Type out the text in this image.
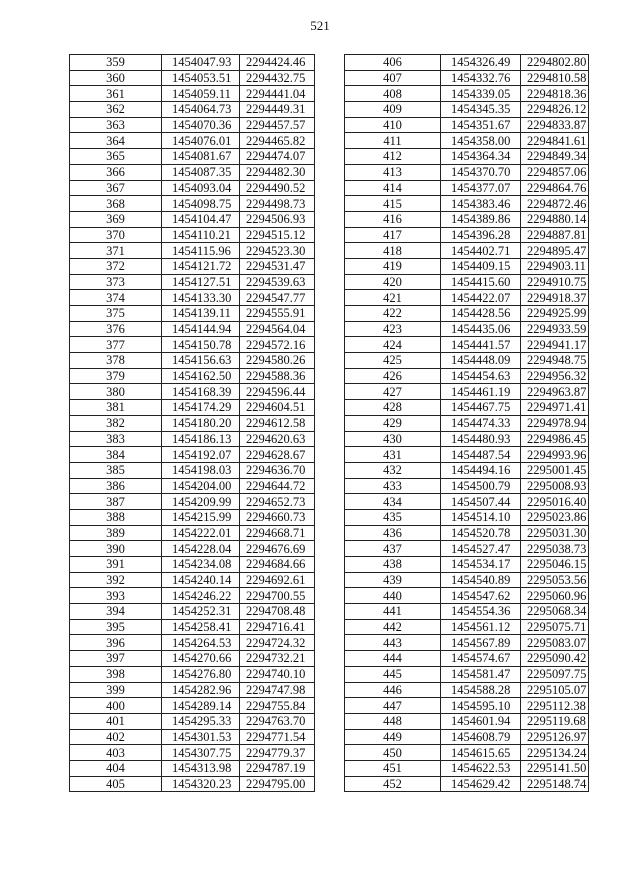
521
359	1454047.93	2294424.46
360	1454053.51	2294432.75
361	1454059.11	2294441.04
362	1454064.73	2294449.31
363	1454070.36	2294457.57
364	1454076.01	2294465.82
365	1454081.67	2294474.07
366	1454087.35	2294482.30
367	1454093.04	2294490.52
368	1454098.75	2294498.73
369	1454104.47	2294506.93
370	1454110.21	2294515.12
371	1454115.96	2294523.30
372	1454121.72	2294531.47
373	1454127.51	2294539.63
374	1454133.30	2294547.77
375	1454139.11	2294555.91
376	1454144.94	2294564.04
377	1454150.78	2294572.16
378	1454156.63	2294580.26
379	1454162.50	2294588.36
380	1454168.39	2294596.44
381	1454174.29	2294604.51
382	1454180.20	2294612.58
383	1454186.13	2294620.63
384	1454192.07	2294628.67
385	1454198.03	2294636.70
386	1454204.00	2294644.72
387	1454209.99	2294652.73
388	1454215.99	2294660.73
389	1454222.01	2294668.71
390	1454228.04	2294676.69
391	1454234.08	2294684.66
392	1454240.14	2294692.61
393	1454246.22	2294700.55
394	1454252.31	2294708.48
395	1454258.41	2294716.41
396	1454264.53	2294724.32
397	1454270.66	2294732.21
398	1454276.80	2294740.10
399	1454282.96	2294747.98
400	1454289.14	2294755.84
401	1454295.33	2294763.70
402	1454301.53	2294771.54
403	1454307.75	2294779.37
404	1454313.98	2294787.19
405	1454320.23	2294795.00
406	1454326.49	2294802.80
407	1454332.76	2294810.58
408	1454339.05	2294818.36
409	1454345.35	2294826.12
410	1454351.67	2294833.87
411	1454358.00	2294841.61
412	1454364.34	2294849.34
413	1454370.70	2294857.06
414	1454377.07	2294864.76
415	1454383.46	2294872.46
416	1454389.86	2294880.14
417	1454396.28	2294887.81
418	1454402.71	2294895.47
419	1454409.15	2294903.11
420	1454415.60	2294910.75
421	1454422.07	2294918.37
422	1454428.56	2294925.99
423	1454435.06	2294933.59
424	1454441.57	2294941.17
425	1454448.09	2294948.75
426	1454454.63	2294956.32
427	1454461.19	2294963.87
428	1454467.75	2294971.41
429	1454474.33	2294978.94
430	1454480.93	2294986.45
431	1454487.54	2294993.96
432	1454494.16	2295001.45
433	1454500.79	2295008.93
434	1454507.44	2295016.40
435	1454514.10	2295023.86
436	1454520.78	2295031.30
437	1454527.47	2295038.73
438	1454534.17	2295046.15
439	1454540.89	2295053.56
440	1454547.62	2295060.96
441	1454554.36	2295068.34
442	1454561.12	2295075.71
443	1454567.89	2295083.07
444	1454574.67	2295090.42
445	1454581.47	2295097.75
446	1454588.28	2295105.07
447	1454595.10	2295112.38
448	1454601.94	2295119.68
449	1454608.79	2295126.97
450	1454615.65	2295134.24
451	1454622.53	2295141.50
452	1454629.42	2295148.74
